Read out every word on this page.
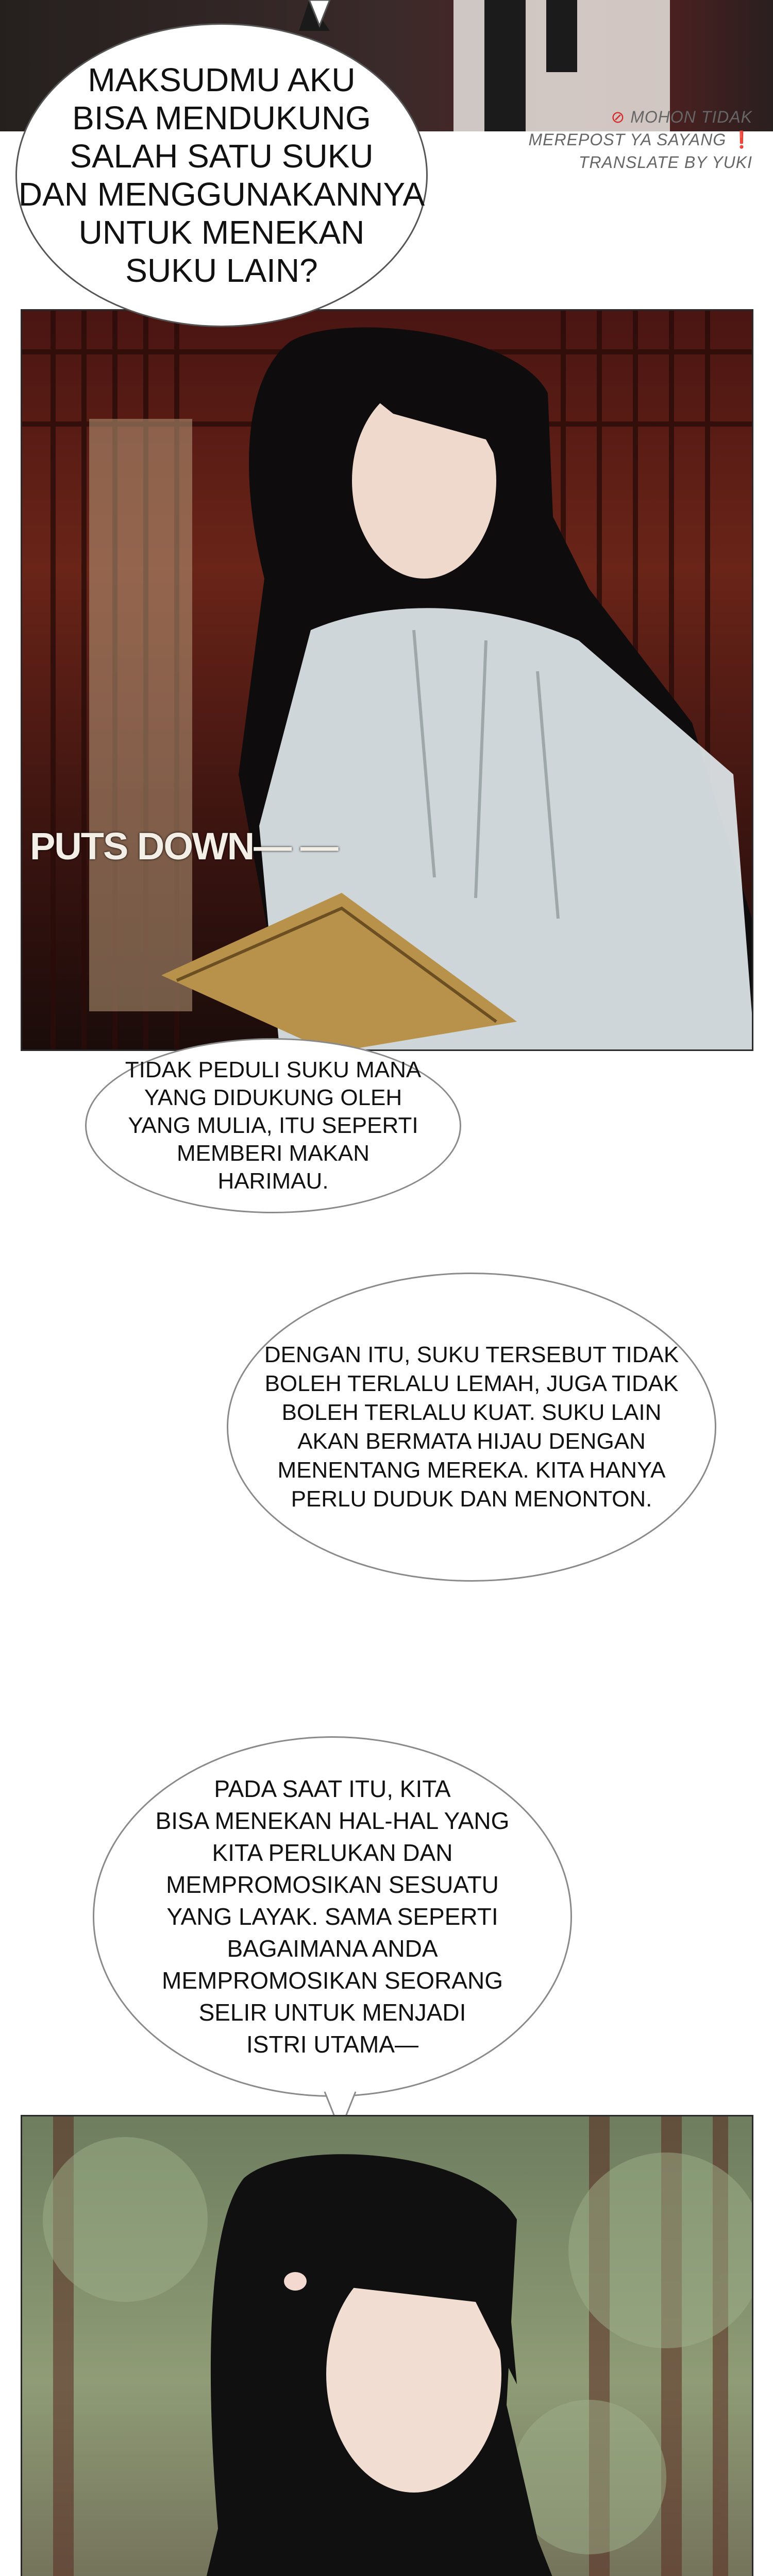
⊘ MOHON TIDAK
MEREPOST YA SAYANG ❗
TRANSLATE BY YUKI
PUTS DOWN— —
MAKSUDMU AKU
BISA MENDUKUNG
SALAH SATU SUKU
DAN MENGGUNAKANNYA
UNTUK MENEKAN
SUKU LAIN?
TIDAK PEDULI SUKU MANA
YANG DIDUKUNG OLEH
YANG MULIA, ITU SEPERTI
MEMBERI MAKAN
HARIMAU.
DENGAN ITU, SUKU TERSEBUT TIDAK
BOLEH TERLALU LEMAH, JUGA TIDAK
BOLEH TERLALU KUAT. SUKU LAIN
AKAN BERMATA HIJAU DENGAN
MENENTANG MEREKA. KITA HANYA
PERLU DUDUK DAN MENONTON.
PADA SAAT ITU, KITA
BISA MENEKAN HAL-HAL YANG
KITA PERLUKAN DAN
MEMPROMOSIKAN SESUATU
YANG LAYAK. SAMA SEPERTI
BAGAIMANA ANDA
MEMPROMOSIKAN SEORANG
SELIR UNTUK MENJADI
ISTRI UTAMA—
